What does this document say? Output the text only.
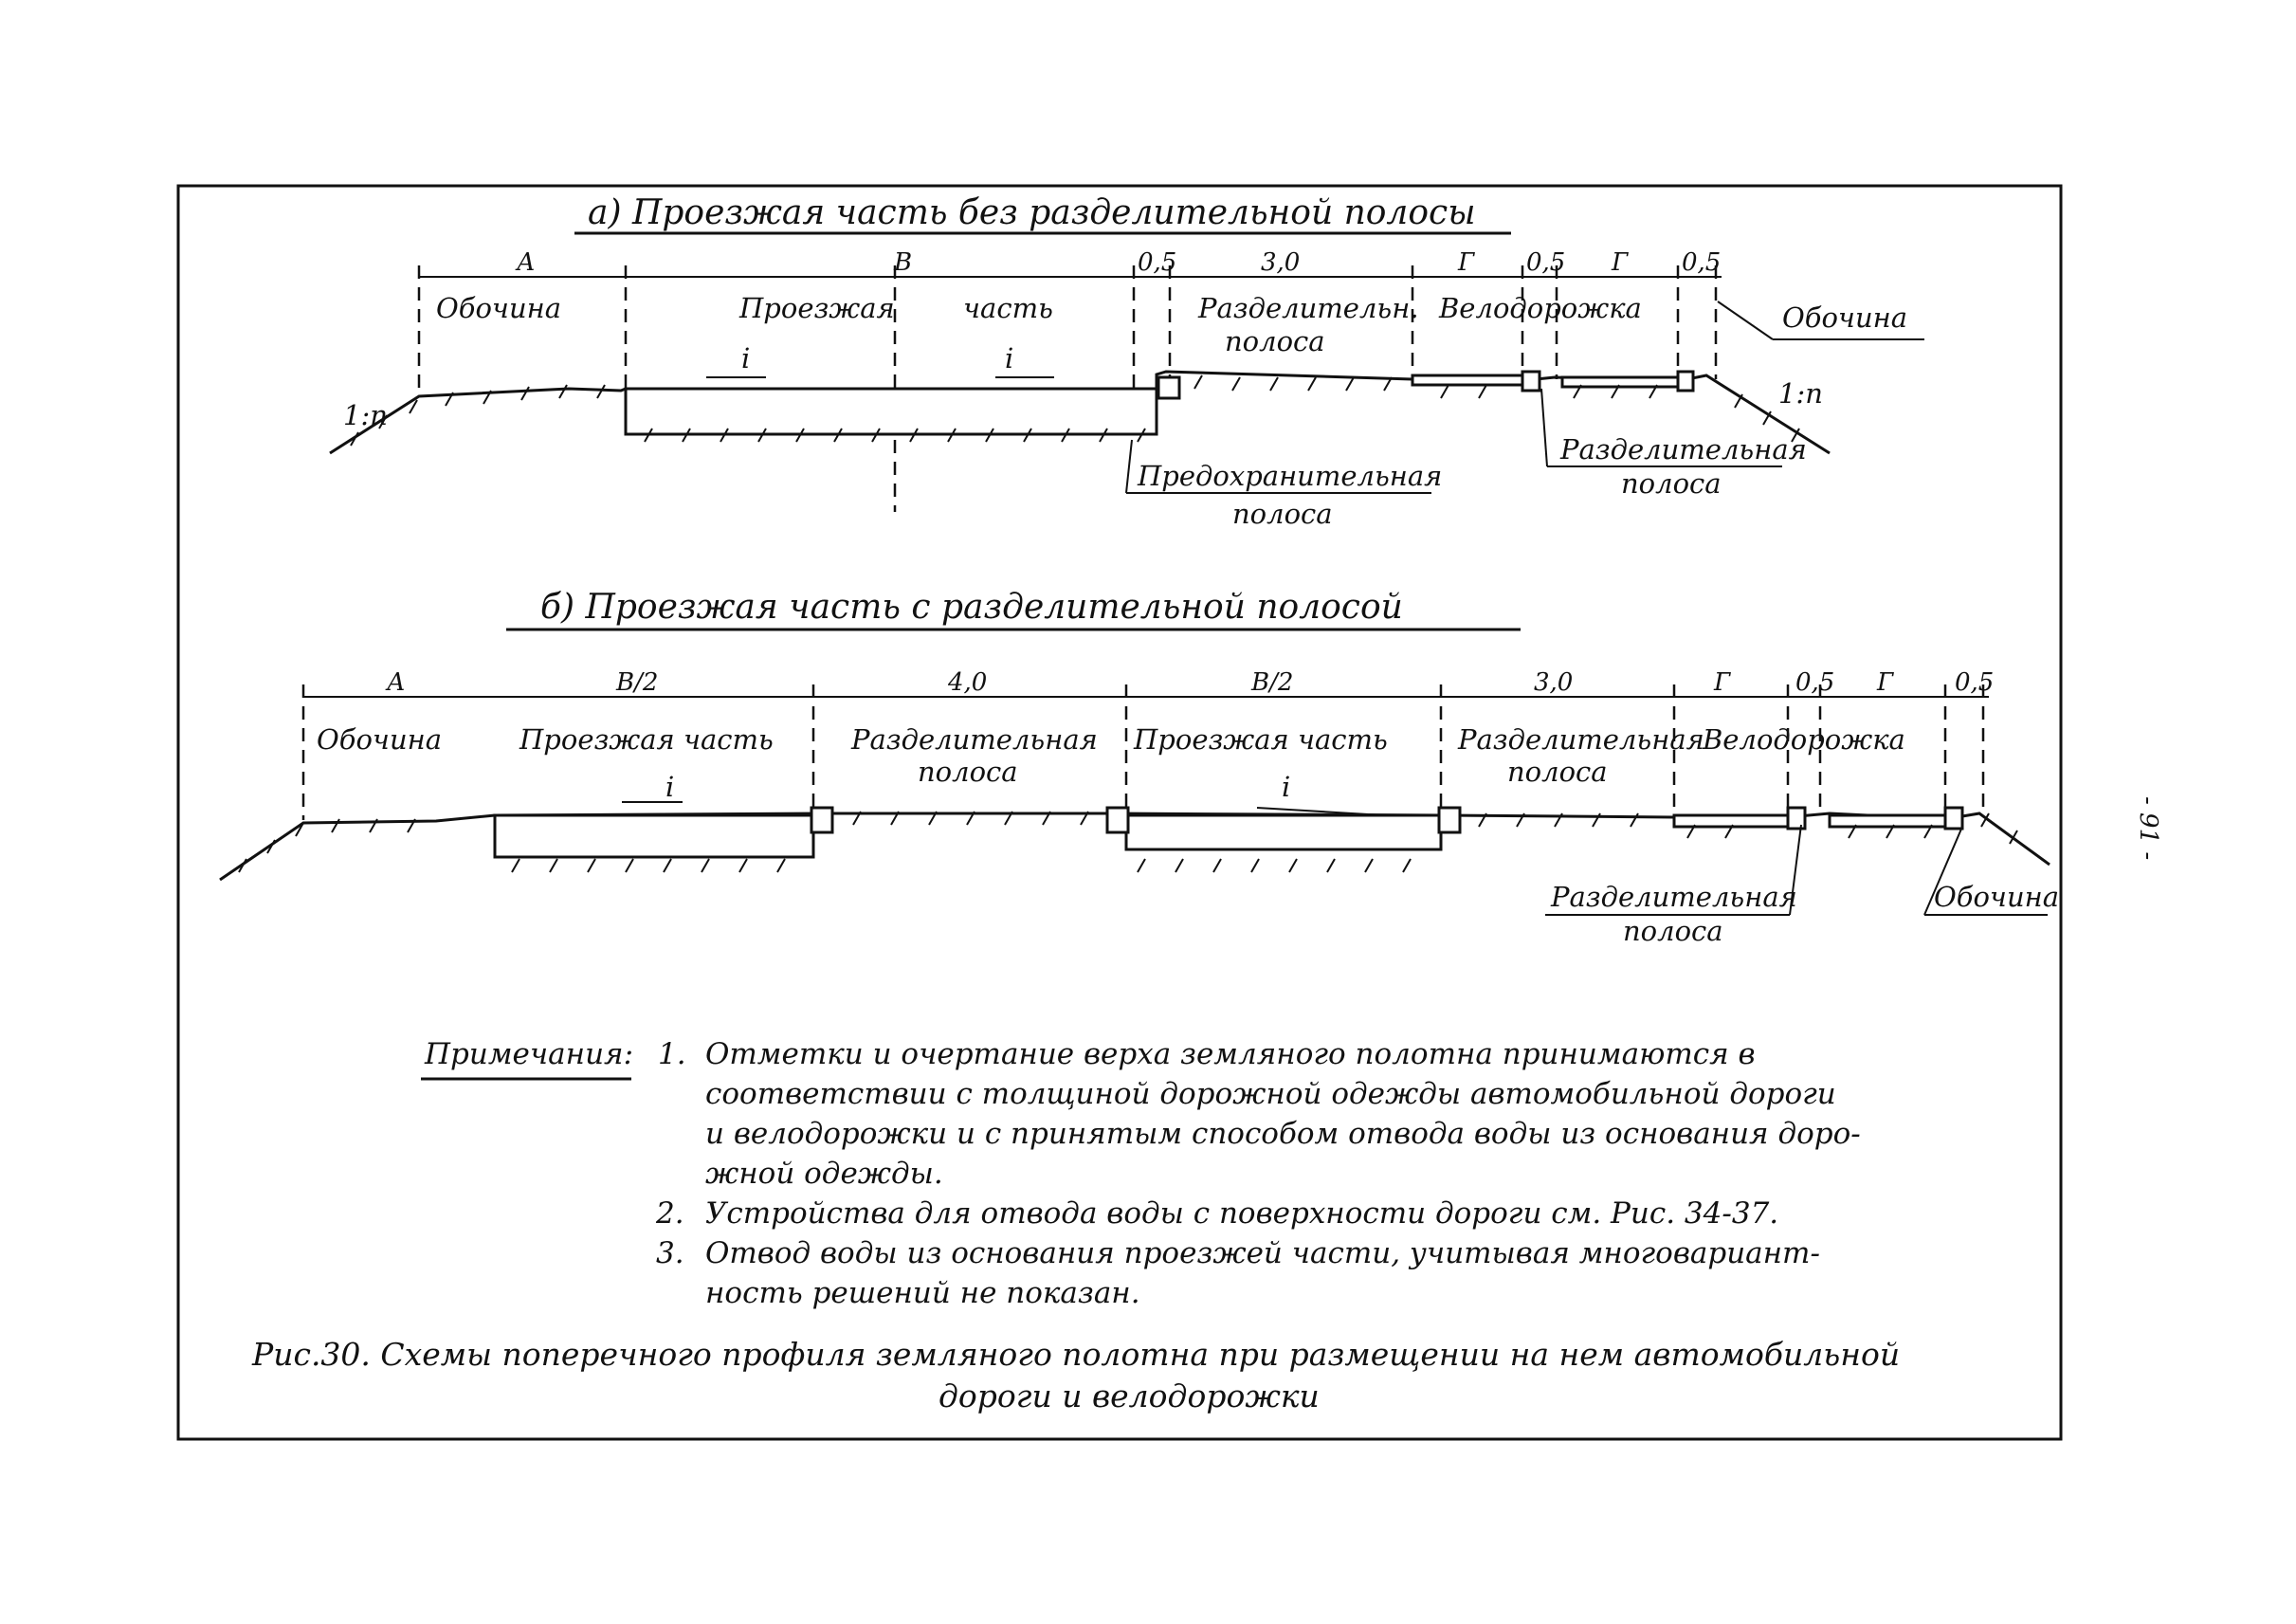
а) Проезжая часть без разделительной полосы
А	В	0,5	3,0	Г 0,5 Г 0,5
Обочина	Проезжая часть	Разделительн.
полоса
Велодорожка	Обочина
1:n
1:n
i	i
Предохранительная
полоса
Разделительная
полоса
б) Проезжая часть с разделительной полосой
А	В/2	4,0	В/2	3,0	Г	0,5 Г 0,5
Обочина	Проезжая часть	Разделительная
полоса
Проезжая часть	Разделительная
полоса
Велодорожка
i	i
Разделительная
полоса
Обочина
Примечания: 1. Отметки и очертание верха земляного полотна принимаются в
соответствии с толщиной дорожной одежды автомобильной дороги
и велодорожки и с принятым способом отвода воды из основания доро-
жной одежды.
2. Устройства для отвода воды с поверхности дороги см. Рис. 34-37.
3. Отвод воды из основания проезжей части, учитывая многовариант-
ность решений не показан.
Рис.30. Схемы поперечного профиля земляного полотна при размещении на нем автомобильной
дороги и велодорожки
- 91 -
